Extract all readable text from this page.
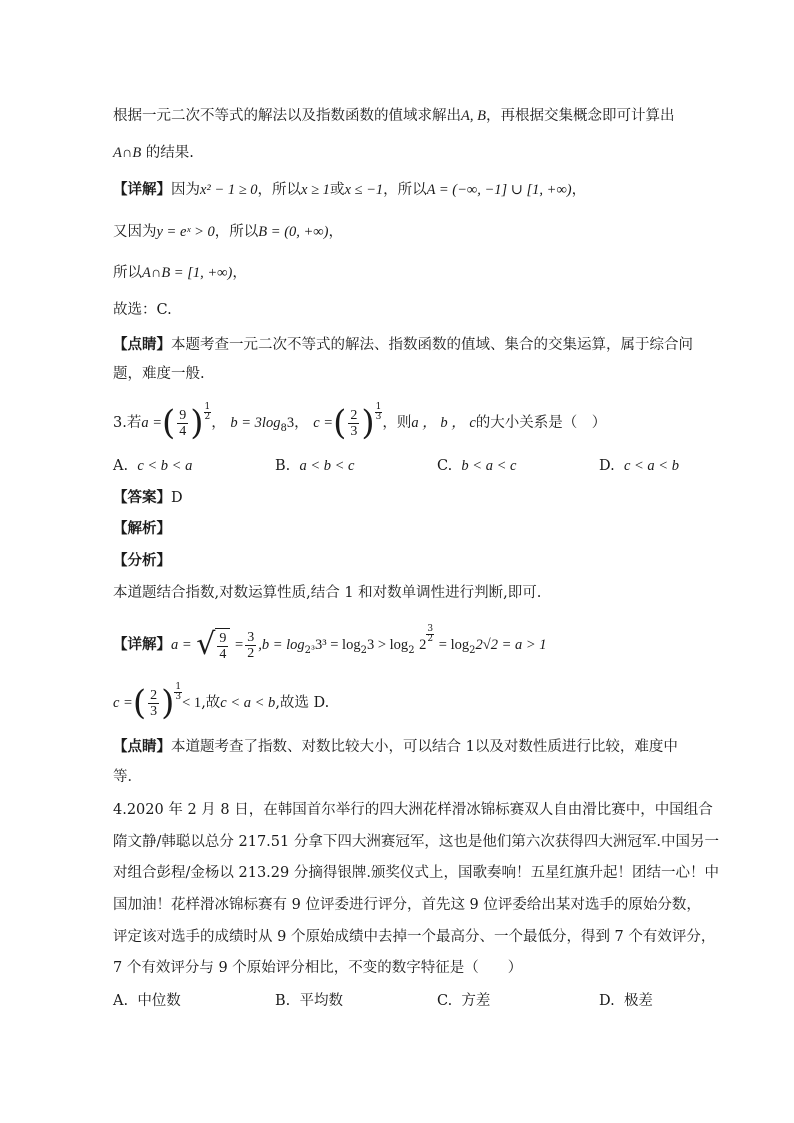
根据一元二次不等式的解法以及指数函数的值域求解出A, B，再根据交集概念即可计算出
A∩B 的结果.
【详解】因为x² − 1 ≥ 0，所以x ≥ 1或x ≤ −1，所以A = (−∞, −1] ∪ [1, +∞)，
又因为y = eˣ > 0，所以B = (0, +∞)，
所以A∩B = [1, +∞)，
故选：C.
【点睛】本题考查一元二次不等式的解法、指数函数的值域、集合的交集运算，属于综合问
题，难度一般.
3.若a =( $\frac{9}{4}$ ) $\frac{1}{2}$
， $b = 3\log_83$， c =( $\frac{2}{3}$ ) $\frac{1}{3}$
，则a ， b ， c的大小关系是（　）
A. c < b < a	B. a < b < c	C. b < a < c	D. c < a < b
【答案】D
【解析】
【分析】
本道题结合指数,对数运算性质,结合 1 和对数单调性进行判断,即可.
【详解】a = √ $\frac{9}{4} = \frac{3}{2} ,b = \log_{2^3}3^3 = \log_23 > \log_2 2$
$\frac{3}{2}$
= $\log_22√2 = a > 1$
c =( $\frac{2}{3}$ ) $\frac{1}{3}$
< 1,故c < a < b,故选 D.
【点睛】本道题考查了指数、对数比较大小，可以结合 1以及对数性质进行比较，难度中
等．
4.2020 年 2 月 8 日，在韩国首尔举行的四大洲花样滑冰锦标赛双人自由滑比赛中，中国组合
隋文静/韩聪以总分 217.51 分拿下四大洲赛冠军，这也是他们第六次获得四大洲冠军.中国另一
对组合彭程/金杨以 213.29 分摘得银牌.颁奖仪式上，国歌奏响！五星红旗升起！团结一心！中
国加油！花样滑冰锦标赛有 9 位评委进行评分，首先这 9 位评委给出某对选手的原始分数，
评定该对选手的成绩时从 9 个原始成绩中去掉一个最高分、一个最低分，得到 7 个有效评分，
7 个有效评分与 9 个原始评分相比，不变的数字特征是（　　）
A. 中位数	B. 平均数	C. 方差	D. 极差
